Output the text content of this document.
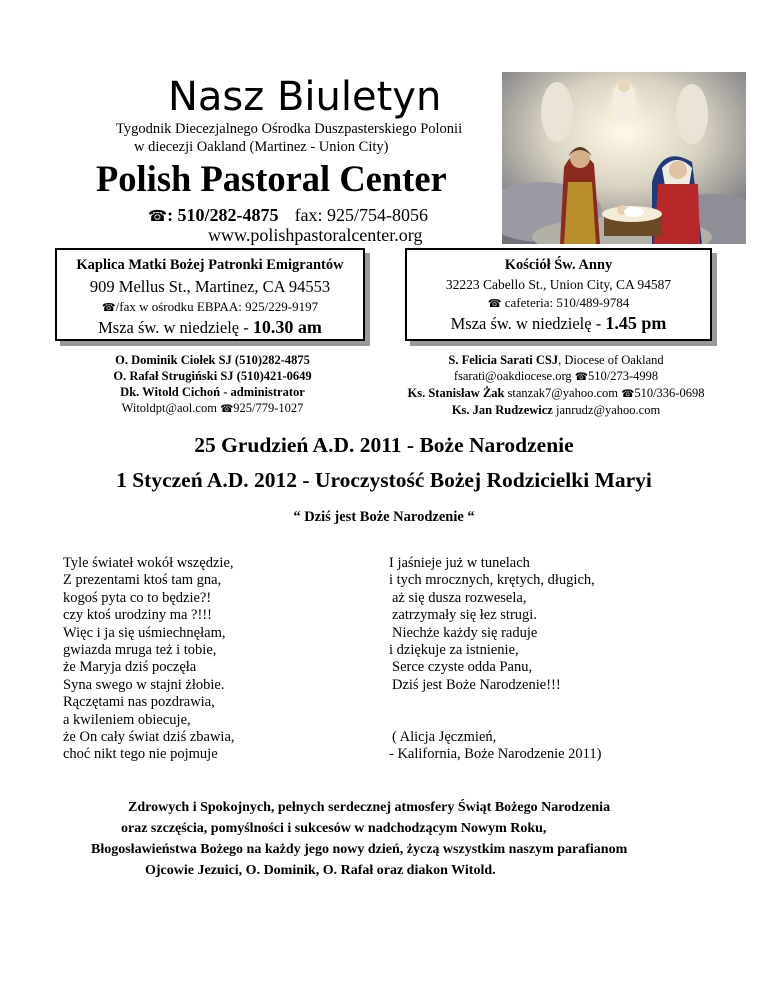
Nasz Biuletyn
Tygodnik Diecezjalnego Ośrodka Duszpasterskiego Polonii
w diecezji Oakland (Martinez - Union City)
Polish Pastoral Center
☎: 510/282-4875 fax: 925/754-8056
www.polishpastoralcenter.org
Kaplica Matki Bożej Patronki Emigrantów
909 Mellus St., Martinez, CA 94553
☎/fax w ośrodku EBPAA: 925/229-9197
Msza św. w niedzielę - 10.30 am
Kościół Św. Anny
32223 Cabello St., Union City, CA 94587
☎ cafeteria: 510/489-9784
Msza św. w niedzielę - 1.45 pm
O. Dominik Ciołek SJ (510)282-4875
O. Rafał Strugiński SJ (510)421-0649
Dk. Witold Cichoń - administrator
Witoldpt@aol.com ☎925/779-1027
S. Felicia Sarati CSJ, Diocese of Oakland
fsarati@oakdiocese.org ☎510/273-4998
Ks. Stanisław Żak stanzak7@yahoo.com ☎510/336-0698
Ks. Jan Rudzewicz janrudz@yahoo.com
25 Grudzień A.D. 2011 - Boże Narodzenie
1 Styczeń A.D. 2012 - Uroczystość Bożej Rodzicielki Maryi
“ Dziś jest Boże Narodzenie “
Tyle świateł wokół wszędzie,
Z prezentami ktoś tam gna,
kogoś pyta co to będzie?!
czy ktoś urodziny ma ?!!!
Więc i ja się uśmiechnęłam,
gwiazda mruga też i tobie,
że Maryja dziś poczęła
Syna swego w stajni żłobie.
Rączętami nas pozdrawia,
a kwileniem obiecuje,
że On cały świat dziś zbawia,
choć nikt tego nie pojmuje
I jaśnieje już w tunelach
i tych mrocznych, krętych, długich,
aż się dusza rozwesela,
zatrzymały się łez strugi.
Niechże każdy się raduje
i dziękuje za istnienie,
Serce czyste odda Panu,
Dziś jest Boże Narodzenie!!!
( Alicja Jęczmień,
- Kalifornia, Boże Narodzenie 2011)
Zdrowych i Spokojnych, pełnych serdecznej atmosfery Świąt Bożego Narodzenia
oraz szczęścia, pomyślności i sukcesów w nadchodzącym Nowym Roku,
Błogosławieństwa Bożego na każdy jego nowy dzień, życzą wszystkim naszym parafianom
Ojcowie Jezuici, O. Dominik, O. Rafał oraz diakon Witold.
